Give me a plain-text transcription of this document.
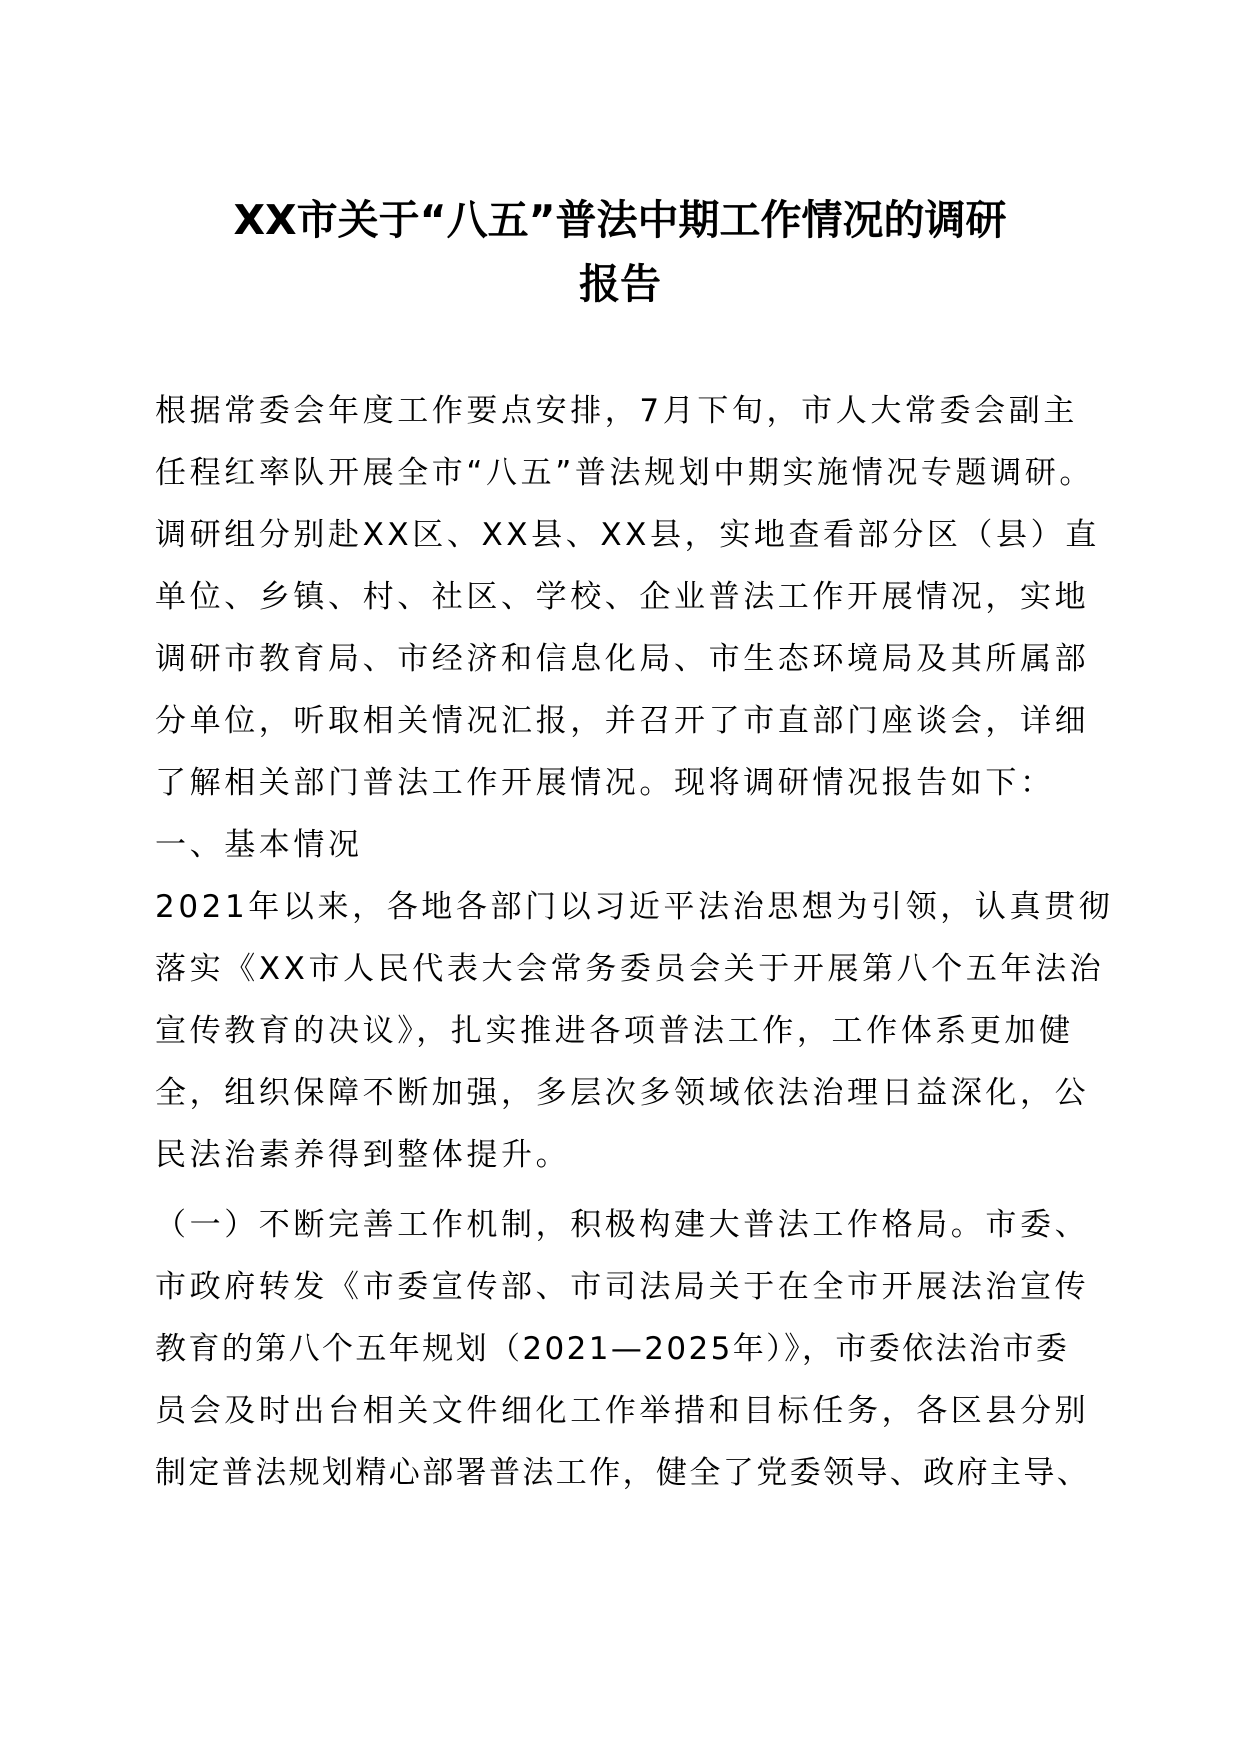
XX市关于“八五”普法中期工作情况的调研
报告
根据常委会年度工作要点安排，7月下旬，市人大常委会副主
任程红率队开展全市“八五”普法规划中期实施情况专题调研。
调研组分别赴XX区、XX县、XX县，实地查看部分区（县）直
单位、乡镇、村、社区、学校、企业普法工作开展情况，实地
调研市教育局、市经济和信息化局、市生态环境局及其所属部
分单位，听取相关情况汇报，并召开了市直部门座谈会，详细
了解相关部门普法工作开展情况。现将调研情况报告如下：
一、基本情况
2021年以来，各地各部门以习近平法治思想为引领，认真贯彻
落实《XX市人民代表大会常务委员会关于开展第八个五年法治
宣传教育的决议》，扎实推进各项普法工作，工作体系更加健
全，组织保障不断加强，多层次多领域依法治理日益深化，公
民法治素养得到整体提升。
（一）不断完善工作机制，积极构建大普法工作格局。市委、
市政府转发《市委宣传部、市司法局关于在全市开展法治宣传
教育的第八个五年规划（2021—2025年）》，市委依法治市委
员会及时出台相关文件细化工作举措和目标任务，各区县分别
制定普法规划精心部署普法工作，健全了党委领导、政府主导、
